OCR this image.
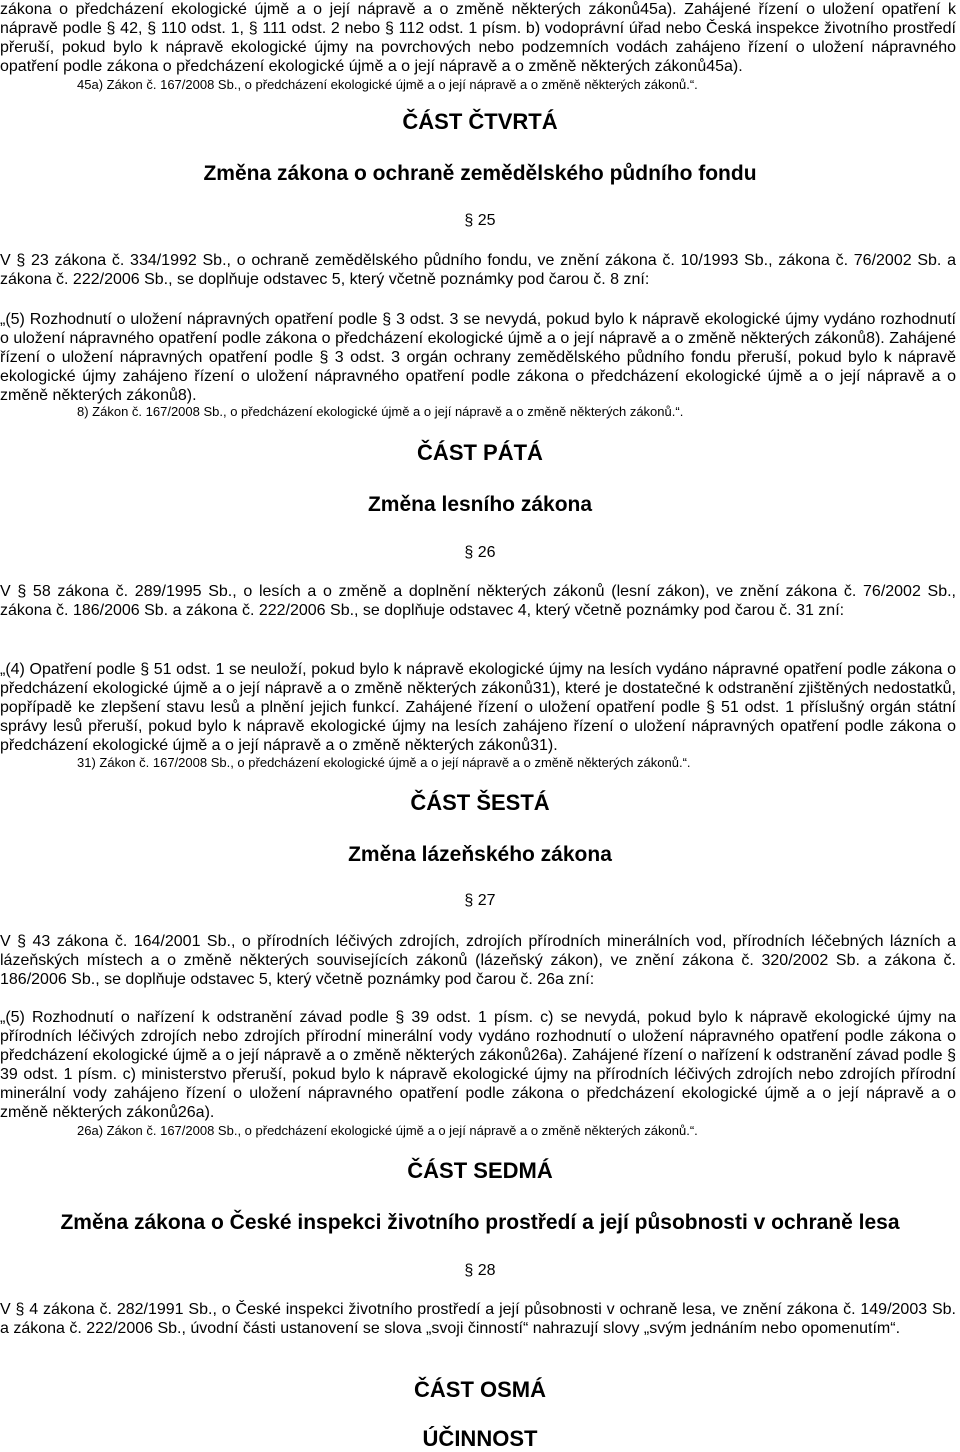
zákona o předcházení ekologické újmě a o její nápravě a o změně některých zákonů45a). Zahájené řízení o uložení opatření k nápravě podle § 42, § 110 odst. 1, § 111 odst. 2 nebo § 112 odst. 1 písm. b) vodoprávní úřad nebo Česká inspekce životního prostředí přeruší, pokud bylo k nápravě ekologické újmy na povrchových nebo podzemních vodách zahájeno řízení o uložení nápravného opatření podle zákona o předcházení ekologické újmě a o její nápravě a o změně některých zákonů45a).

45a) Zákon č. 167/2008 Sb., o předcházení ekologické újmě a o její nápravě a o změně některých zákonů.“.

ČÁST ČTVRTÁ
Změna zákona o ochraně zemědělského půdního fondu
§ 25

V § 23 zákona č. 334/1992 Sb., o ochraně zemědělského půdního fondu, ve znění zákona č. 10/1993 Sb., zákona č. 76/2002 Sb. a zákona č. 222/2006 Sb., se doplňuje odstavec 5, který včetně poznámky pod čarou č. 8 zní:

„(5) Rozhodnutí o uložení nápravných opatření podle § 3 odst. 3 se nevydá, pokud bylo k nápravě ekologické újmy vydáno rozhodnutí o uložení nápravného opatření podle zákona o předcházení ekologické újmě a o její nápravě a o změně některých zákonů8). Zahájené řízení o uložení nápravných opatření podle § 3 odst. 3 orgán ochrany zemědělského půdního fondu přeruší, pokud bylo k nápravě ekologické újmy zahájeno řízení o uložení nápravného opatření podle zákona o předcházení ekologické újmě a o její nápravě a o změně některých zákonů8).

8) Zákon č. 167/2008 Sb., o předcházení ekologické újmě a o její nápravě a o změně některých zákonů.“.

ČÁST PÁTÁ
Změna lesního zákona
§ 26

V § 58 zákona č. 289/1995 Sb., o lesích a o změně a doplnění některých zákonů (lesní zákon), ve znění zákona č. 76/2002 Sb., zákona č. 186/2006 Sb. a zákona č. 222/2006 Sb., se doplňuje odstavec 4, který včetně poznámky pod čarou č. 31 zní:

„(4) Opatření podle § 51 odst. 1 se neuloží, pokud bylo k nápravě ekologické újmy na lesích vydáno nápravné opatření podle zákona o předcházení ekologické újmě a o její nápravě a o změně některých zákonů31), které je dostatečné k odstranění zjištěných nedostatků, popřípadě ke zlepšení stavu lesů a plnění jejich funkcí. Zahájené řízení o uložení opatření podle § 51 odst. 1 příslušný orgán státní správy lesů přeruší, pokud bylo k nápravě ekologické újmy na lesích zahájeno řízení o uložení nápravných opatření podle zákona o předcházení ekologické újmě a o její nápravě a o změně některých zákonů31).

31) Zákon č. 167/2008 Sb., o předcházení ekologické újmě a o její nápravě a o změně některých zákonů.“.

ČÁST ŠESTÁ
Změna lázeňského zákona
§ 27

V § 43 zákona č. 164/2001 Sb., o přírodních léčivých zdrojích, zdrojích přírodních minerálních vod, přírodních léčebných lázních a lázeňských místech a o změně některých souvisejících zákonů (lázeňský zákon), ve znění zákona č. 320/2002 Sb. a zákona č. 186/2006 Sb., se doplňuje odstavec 5, který včetně poznámky pod čarou č. 26a zní:

„(5) Rozhodnutí o nařízení k odstranění závad podle § 39 odst. 1 písm. c) se nevydá, pokud bylo k nápravě ekologické újmy na přírodních léčivých zdrojích nebo zdrojích přírodní minerální vody vydáno rozhodnutí o uložení nápravného opatření podle zákona o předcházení ekologické újmě a o její nápravě a o změně některých zákonů26a). Zahájené řízení o nařízení k odstranění závad podle § 39 odst. 1 písm. c) ministerstvo přeruší, pokud bylo k nápravě ekologické újmy na přírodních léčivých zdrojích nebo zdrojích přírodní minerální vody zahájeno řízení o uložení nápravného opatření podle zákona o předcházení ekologické újmě a o její nápravě a o změně některých zákonů26a).

26a) Zákon č. 167/2008 Sb., o předcházení ekologické újmě a o její nápravě a o změně některých zákonů.“.

ČÁST SEDMÁ
Změna zákona o České inspekci životního prostředí a její působnosti v ochraně lesa
§ 28

V § 4 zákona č. 282/1991 Sb., o České inspekci životního prostředí a její působnosti v ochraně lesa, ve znění zákona č. 149/2003 Sb. a zákona č. 222/2006 Sb., úvodní části ustanovení se slova „svoji činností“ nahrazují slovy „svým jednáním nebo opomenutím“.

ČÁST OSMÁ
ÚČINNOST
